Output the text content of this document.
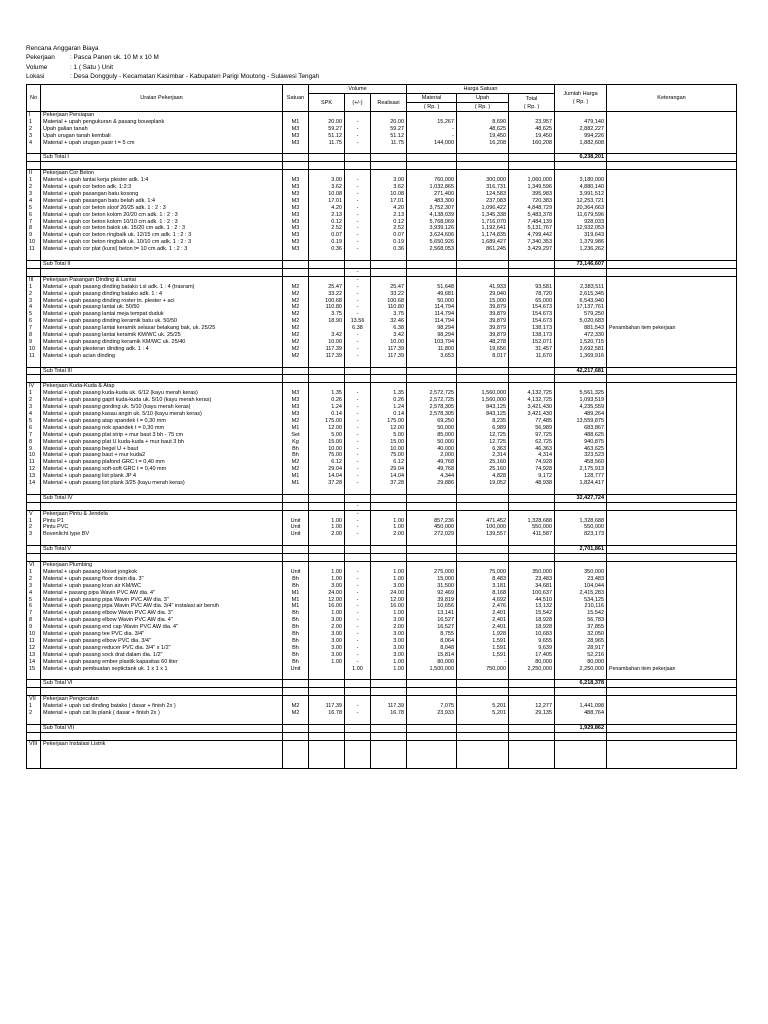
Rencana Anggaran Biaya
Pekerjaan	: Pasca Panen uk. 10 M x 10 M
Volume	: 1 ( Satu ) Unit
Lokasi	: Desa Dongguly - Kecamatan Kasimbar - Kabupaten Parigi Moutong - Sulawesi Tengah
No	Uraian Pekerjaan	Satuan	Volume			Harga Satuan			Jumlah Harga
( Rp. )	Keterangan
			SPK	(+/-)	Realisasi	Material	Upah	Total
( Rp. )		
						( Rp. )	( Rp. )			
I	Pekerjaan Persiapan									
1	Material + upah pengukuran & pasang bouwplank	M1	20.00	-	20.00	15,267	8,690	23,957	479,140	
2	Upah galian tanah	M3	59.27	-	59.27	-	48,625	48,625	2,882,227	
3	Upah urugan tanah kembali	M3	51.12	-	51.12	-	19,450	19,450	994,226	
4	Material + upah urugan pasir t = 5 cm	M3	11.75	-	11.75	144,000	16,208	160,208	1,882,608	

	Sub Total I								6,238,201	

II	Pekerjaan Cor Beton									
1	Material + upah lantai kerja plester adk. 1:4	M3	3.00	-	3.00	760,000	300,000	1,060,000	3,180,000	
2	Material + upah cor beton adk. 1:2:3	M3	3.62	-	3.62	1,032,865	316,731	1,349,596	4,880,140	
3	Material + upah pasangan batu kosong	M3	10.08	-	10.08	271,400	124,583	395,983	3,991,512	
4	Material + upah pasangan batu belah adk. 1:4	M3	17.01	-	17.01	483,300	237,083	720,383	12,253,721	
5	Material + upah cor beton sloof 20/25 adk. 1 : 2 : 3	M3	4.20	-	4.20	3,752,307	1,096,422	4,848,729	20,364,663	
6	Material + upah cor beton kolom 20/20 cm adk. 1 : 2 : 3	M3	2.13	-	2.13	4,138,039	1,345,338	5,483,378	11,679,596	
7	Material + upah cor beton kolom 10/10 cm adk. 1 : 2 : 3	M3	0.12	-	0.12	5,768,069	1,716,070	7,484,139	928,033	
8	Material + upah cor beton balok uk. 15/20 cm adk. 1 : 2 : 3	M3	2.52	-	2.52	3,939,126	1,192,641	5,131,767	12,932,053	
9	Material + upah cor beton ringbalk uk. 12/15 cm adk. 1 : 2 : 3	M3	0.07	-	0.07	3,624,606	1,174,835	4,799,442	319,643	
10	Material + upah cor beton ringbalk uk. 10/10 cm adk. 1 : 2 : 3	M3	0.19	-	0.19	5,650,926	1,689,427	7,340,353	1,379,986	
11	Material + upah cor plat (kursi) beton t= 10 cm adk. 1 : 2 : 3	M3	0.36	-	0.36	2,568,053	861,245	3,429,297	1,236,262	

	Sub Total II								73,146,607	
				-						
III	Pekerjaan Pasangan Dinding & Lantai			-						
1	Material + upah pasang dinding batako t.sl adk. 1 : 4 (trasram)	M2	25.47	-	25.47	51,648	41,933	93,581	2,383,511	
2	Material + upah pasang dinding batako adk. 1 : 4	M2	33.22	-	33.22	49,681	29,040	78,720	2,615,345	
3	Material + upah pasang dinding roster tn. plester + aci	M2	100.68	-	100.68	50,000	15,000	65,000	6,543,940	
4	Material + upah pasang lantai uk. 50/50	M2	110.80	-	110.80	114,794	39,879	154,673	17,137,761	
5	Material + upah pasang lantai meja tempat duduk	M2	3.75	-	3.75	114,794	39,879	154,673	579,250	
6	Material + upah pasang dinding keramik batu uk. 50/50	M2	18.90	13.56	32.46	114,794	39,879	154,673	5,020,683	
7	Material + upah pasang lantai keramik selasar belakang bak, uk. 25/25	M2		6.38	6.38	98,294	39,879	138,173	881,543	Penambahan item pekerjaan
8	Material + upah pasang lantai keramik KM/WC uk. 25/25	M2	3.42	-	3.42	98,294	39,879	138,173	472,330	
9	Material + upah pasang dinding keramik KM/WC uk. 25/40	M2	10.00	-	10.00	103,794	48,278	152,071	1,520,715	
10	Material + upah plesteran dinding adk. 1 : 4	M2	117.39	-	117.39	11,800	19,656	31,457	3,692,581	
11	Material + upah acian dinding	M2	117.39	-	117.39	3,653	8,017	11,670	1,369,916	

	Sub Total III								42,217,681	

IV	Pekerjaan Kuda-Kuda & Atap									
1	Material + upah pasang kuda-kuda uk. 6/12 (kayu merah keras)	M3	1.35	-	1.35	2,572,725	1,560,000	4,132,725	5,561,325	
2	Material + upah pasang gapit kuda-kuda uk. 5/10 (kayu merah keras)	M3	0.26	-	0.26	2,572,725	1,560,000	4,132,725	1,093,519	
3	Material + upah pasang gording uk. 5/10 (kayu merah keras)	M3	1.24	-	1.24	2,578,305	843,125	3,421,430	4,235,559	
4	Material + upah pasang kasau angin uk. 5/10 (kayu merah keras)	M3	0.14	-	0.14	2,578,305	843,125	3,421,430	489,264	
5	Material + upah pasang atap spandek t = 0,30 mm	M2	175.00	-	175.00	69,250	8,235	77,485	13,559,875	
6	Material + upah pasang nok spandek t = 0,30 mm	M1	12.00	-	12.00	50,000	6,989	56,989	683,867	
7	Material + upah pasang plat strip + mur baut 3 bh - 75 cm	Set	5.00	-	5.00	85,000	12,725	97,725	488,625	
8	Material + upah pasang plat U kuda-kuda + mur baut 3 bh	Kg	15.00	-	15.00	50,000	12,725	62,725	940,875	
9	Material + upah pasang begel U + baut	Bh	10.00	-	10.00	40,000	6,363	46,363	463,625	
10	Material + upah pasang baut + mur kuda2	Bh	75.00	-	75.00	2,000	2,314	4,314	323,523	
11	Material + upah pasang plafond GRC t = 0,40 mm	M2	6.12	-	6.12	49,768	25,160	74,928	458,560	
12	Material + upah pasang soft-soft GRC t = 0,40 mm	M2	29.04	-	29.04	49,768	25,160	74,928	2,175,913	
13	Material + upah pasang list plank JP 4	M1	14.04	-	14.04	4,344	4,828	9,172	128,777	
14	Material + upah pasang list plank 3/25 (kayu merah keras)	M1	37.28	-	37.28	29,886	19,052	48,938	1,824,417	

	Sub Total IV								32,427,724	
				-						
V	Pekerjaan Pintu & Jendela			-						
1	Pintu P1	Unit	1.00	-	1.00	857,236	471,452	1,328,688	1,328,688	
2	Pintu PVC	Unit	1.00	-	1.00	450,000	100,000	550,000	550,000	
3	Bovenlicht type BV	Unit	2.00	-	2.00	272,029	139,557	411,587	823,173	

	Sub Total V								2,701,861	

VI	Pekerjaan Plumbing									
1	Material + upah pasang kloset jongkok	Unit	1.00	-	1.00	275,000	75,000	350,000	350,000	
2	Material + upah pasang floor drain dia. 3"	Bh	1.00	-	1.00	15,000	8,483	23,483	23,483	
3	Material + upah pasang kran air KM/WC	Bh	3.00	-	3.00	31,500	3,181	34,681	104,044	
4	Material + pasang pipa Wavin PVC AW dia. 4"	M1	24.00	-	24.00	92,469	8,168	100,637	2,415,283	
5	Material + upah pasang pipa Wavin PVC AW dia. 3"	M1	12.00	-	12.00	39,819	4,692	44,510	534,125	
6	Material + upah pasang pipa Wavin PVC AW dia. 3/4" instalasi air bersih	M1	16.00	-	16.00	10,656	2,476	13,132	210,116	
7	Material + upah pasang elbow Wavin PVC AW dia. 3"	Bh	1.00	-	1.00	13,141	2,401	15,542	15,542	
8	Material + upah pasang elbow Wavin PVC AW dia. 4"	Bh	3.00	-	3.00	16,527	2,401	18,928	56,783	
9	Material + upah pasang end cap Wavin PVC AW dia. 4"	Bh	2.00	-	2.00	16,527	2,401	18,928	37,855	
10	Material + upah pasang tee PVC dia. 3/4"	Bh	3.00	-	3.00	8,755	1,928	10,683	32,050	
11	Material + upah pasang elbow PVC dia. 3/4"	Bh	3.00	-	3.00	8,064	1,591	9,655	28,965	
12	Material + upah pasang reducer PVC dia. 3/4" x 1/2"	Bh	3.00	-	3.00	8,048	1,591	9,639	28,917	
13	Material + upah pasang sock drat dalam dia. 1/2"	Bh	3.00	-	3.00	15,814	1,591	17,405	52,216	
14	Material + upah pasang ember plastik kapasitas 60 liter	Bh	1.00	-	1.00	80,000	-	80,000	80,000	
15	Material + upah pembuatan septictank uk. 1 x 1 x 1	Unit		1.00	1.00	1,500,000	750,000	2,250,000	2,250,000	Penambahan item pekerjaan

	Sub Total VI								6,218,378	

VII	Pekerjaan Pengecatan									
1	Material + upah cat dinding batako ( dasar + finish 2x )	M2	117.39	-	117.39	7,075	5,201	12,277	1,441,098	
2	Material + upah cat lis plank ( dasar + finish 2x )	M2	16.78	-	16.78	23,933	5,201	29,135	488,764	

	Sub Total VII								1,929,862	

VIII	Pekerjaan Instalasi Listrik									
